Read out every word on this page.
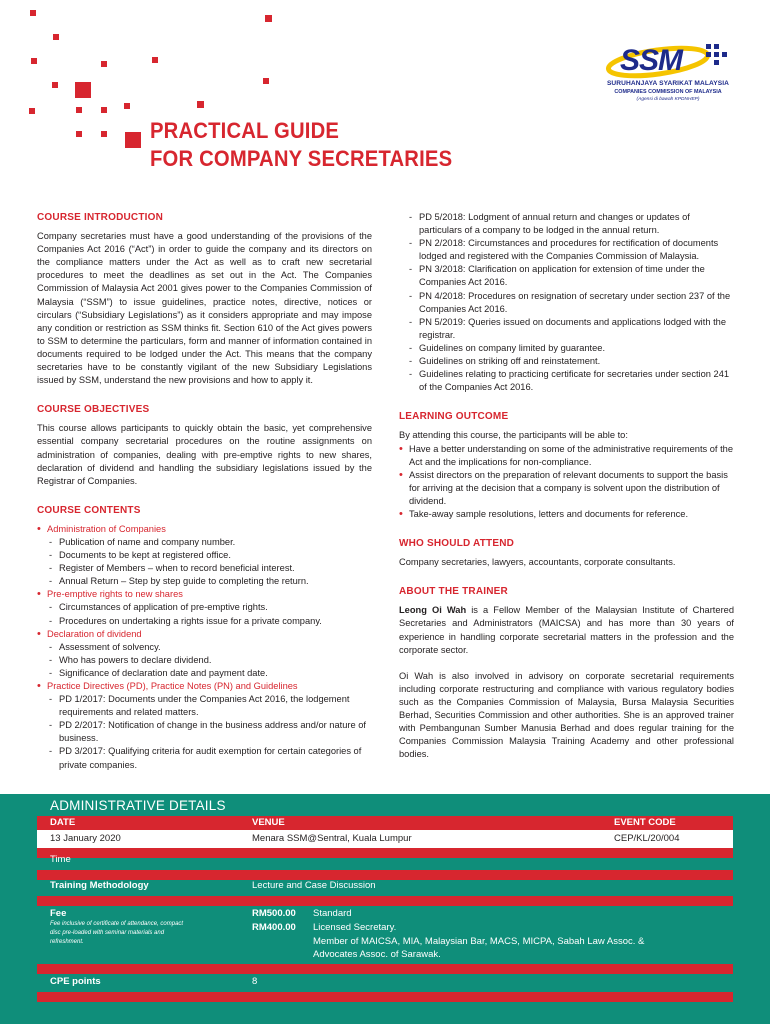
SSM
SURUHANJAYA SYARIKAT MALAYSIA
COMPANIES COMMISSION OF MALAYSIA
(Agensi di bawah KPDNHEP)
PRACTICAL GUIDE
FOR COMPANY SECRETARIES
COURSE INTRODUCTION
Company secretaries must have a good understanding of the provisions of the Companies Act 2016 (“Act”) in order to guide the company and its directors on the compliance matters under the Act as well as to craft new secretarial procedures to meet the deadlines as set out in the Act. The Companies Commission of Malaysia Act 2001 gives power to the Companies Commission of Malaysia (“SSM”) to issue guidelines, practice notes, directive, notices or circulars (“Subsidiary Legislations”) as it considers appropriate and may impose any condition or restriction as SSM thinks fit. Section 610 of the Act gives powers to SSM to determine the particulars, form and manner of information contained in documents required to be lodged under the Act. This means that the company secretaries have to be constantly vigilant of the new Subsidiary Legislations issued by SSM, understand the new provisions and how to apply it.
COURSE OBJECTIVES
This course allows participants to quickly obtain the basic, yet comprehensive essential company secretarial procedures on the routine assignments on administration of companies, dealing with pre-emptive rights to new shares, declaration of dividend and handling the subsidiary legislations issued by the Registrar of Companies.
COURSE CONTENTS
• Administration of Companies
- Publication of name and company number.
- Documents to be kept at registered office.
- Register of Members – when to record beneficial interest.
- Annual Return – Step by step guide to completing the return.
• Pre-emptive rights to new shares
- Circumstances of application of pre-emptive rights.
- Procedures on undertaking a rights issue for a private company.
• Declaration of dividend
- Assessment of solvency.
- Who has powers to declare dividend.
- Significance of declaration date and payment date.
• Practice Directives (PD), Practice Notes (PN) and Guidelines
- PD 1/2017: Documents under the Companies Act 2016, the lodgement requirements and related matters.
- PD 2/2017: Notification of change in the business address and/or nature of business.
- PD 3/2017: Qualifying criteria for audit exemption for certain categories of private companies.
- PD 5/2018: Lodgment of annual return and changes or updates of particulars of a company to be lodged in the annual return.
- PN 2/2018: Circumstances and procedures for rectification of documents lodged and registered with the Companies Commission of Malaysia.
- PN 3/2018: Clarification on application for extension of time under the Companies Act 2016.
- PN 4/2018: Procedures on resignation of secretary under section 237 of the Companies Act 2016.
- PN 5/2019: Queries issued on documents and applications lodged with the registrar.
- Guidelines on company limited by guarantee.
- Guidelines on striking off and reinstatement.
- Guidelines relating to practicing certificate for secretaries under section 241 of the Companies Act 2016.
LEARNING OUTCOME
By attending this course, the participants will be able to:
• Have a better understanding on some of the administrative requirements of the Act and the implications for non-compliance.
• Assist directors on the preparation of relevant documents to support the basis for arriving at the decision that a company is solvent upon the distribution of dividend.
• Take-away sample resolutions, letters and documents for reference.
WHO SHOULD ATTEND
Company secretaries, lawyers, accountants, corporate consultants.
ABOUT THE TRAINER
Leong Oi Wah is a Fellow Member of the Malaysian Institute of Chartered Secretaries and Administrators (MAICSA) and has more than 30 years of experience in handling corporate secretarial matters in the profession and the corporate sector.
Oi Wah is also involved in advisory on corporate secretarial requirements including corporate restructuring and compliance with various regulatory bodies such as the Companies Commission of Malaysia, Bursa Malaysia Securities Berhad, Securities Commission and other authorities. She is an approved trainer with Pembangunan Sumber Manusia Berhad and does regular training for the Companies Commission Malaysia Training Academy and other professional bodies.
ADMINISTRATIVE DETAILS
DATE	VENUE	EVENT CODE
13 January 2020	Menara SSM@Sentral, Kuala Lumpur	CEP/KL/20/004
Time
Training Methodology	Lecture and Case Discussion
Fee
Fee inclusive of certificate of attendance, compact disc pre-loaded with seminar materials and refreshment.
RM500.00 Standard
RM400.00 Licensed Secretary.
Member of MAICSA, MIA, Malaysian Bar, MACS, MICPA, Sabah Law Assoc. &
Advocates Assoc. of Sarawak.
CPE points	8
